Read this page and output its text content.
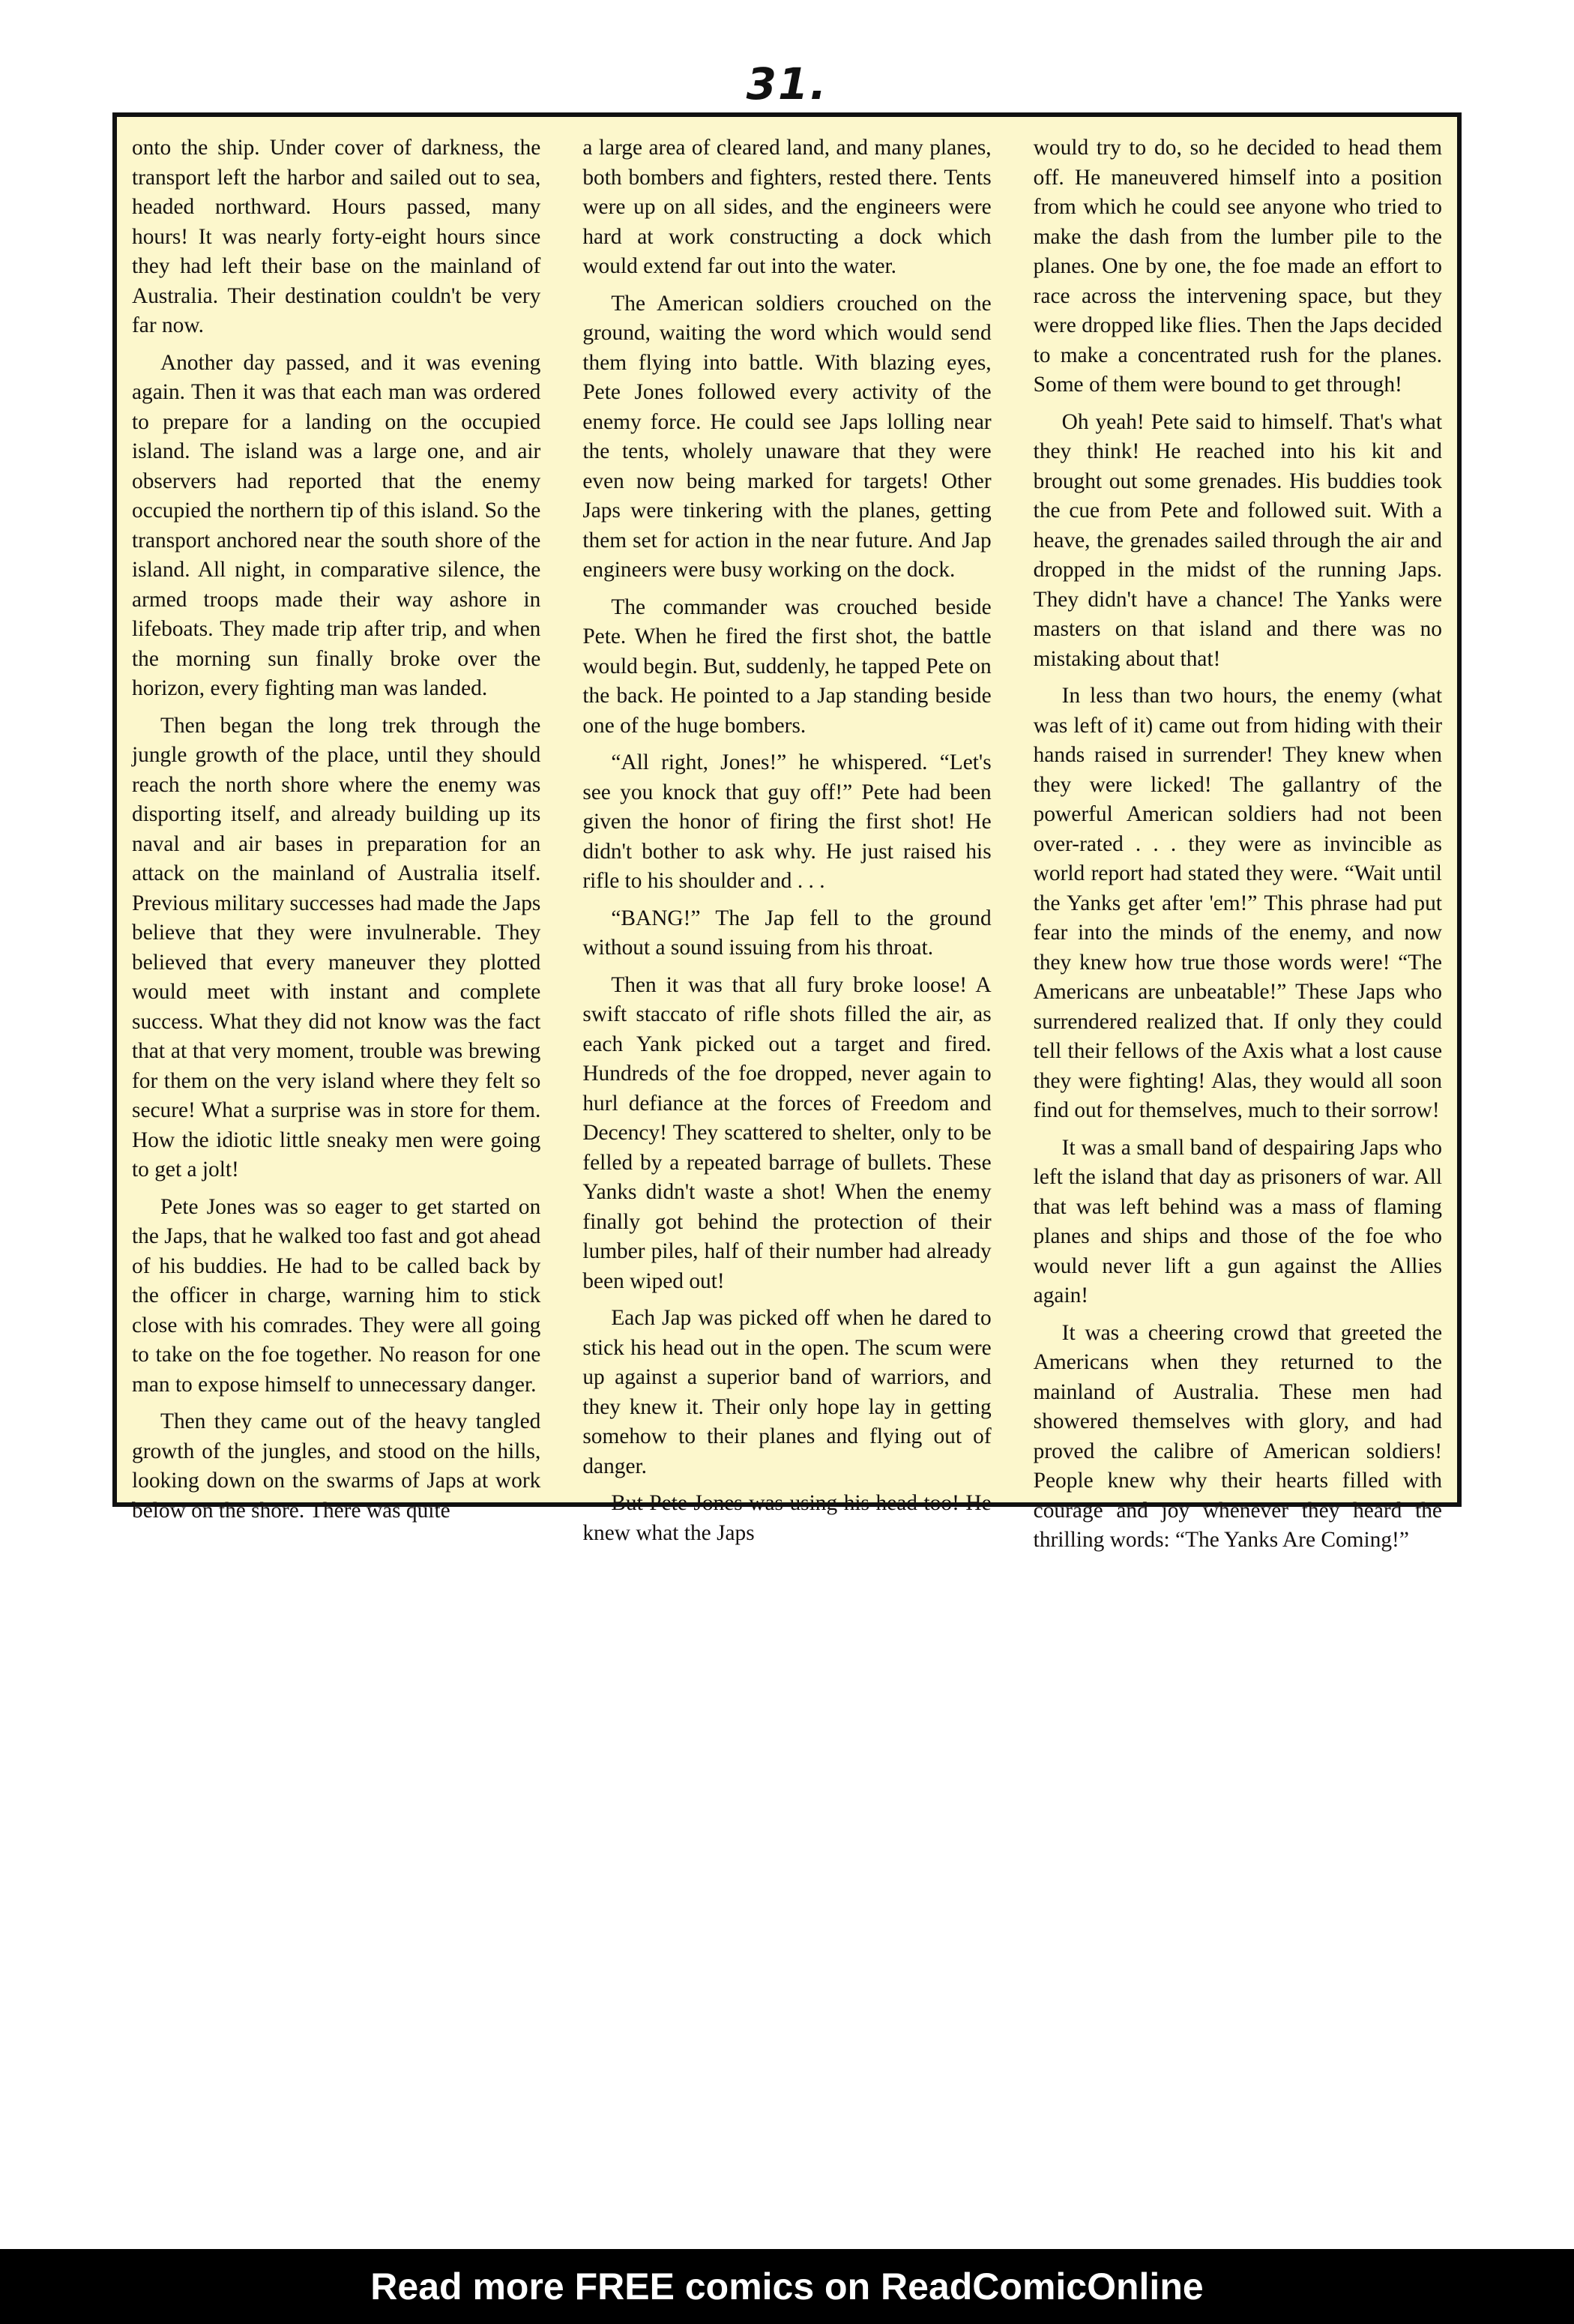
31.

onto the ship. Under cover of darkness, the transport left the harbor and sailed out to sea, headed northward. Hours passed, many hours! It was nearly forty-eight hours since they had left their base on the mainland of Australia. Their destination couldn't be very far now.

Another day passed, and it was evening again. Then it was that each man was ordered to prepare for a landing on the occupied island. The island was a large one, and air observers had reported that the enemy occupied the northern tip of this island. So the transport anchored near the south shore of the island. All night, in comparative silence, the armed troops made their way ashore in lifeboats. They made trip after trip, and when the morning sun finally broke over the horizon, every fighting man was landed.

Then began the long trek through the jungle growth of the place, until they should reach the north shore where the enemy was disporting itself, and already building up its naval and air bases in preparation for an attack on the mainland of Australia itself. Previous military successes had made the Japs believe that they were invulnerable. They believed that every maneuver they plotted would meet with instant and complete success. What they did not know was the fact that at that very moment, trouble was brewing for them on the very island where they felt so secure! What a surprise was in store for them. How the idiotic little sneaky men were going to get a jolt!

Pete Jones was so eager to get started on the Japs, that he walked too fast and got ahead of his buddies. He had to be called back by the officer in charge, warning him to stick close with his comrades. They were all going to take on the foe together. No reason for one man to expose himself to unnecessary danger.

Then they came out of the heavy tangled growth of the jungles, and stood on the hills, looking down on the swarms of Japs at work below on the shore. There was quite

a large area of cleared land, and many planes, both bombers and fighters, rested there. Tents were up on all sides, and the engineers were hard at work constructing a dock which would extend far out into the water.

The American soldiers crouched on the ground, waiting the word which would send them flying into battle. With blazing eyes, Pete Jones followed every activity of the enemy force. He could see Japs lolling near the tents, wholely unaware that they were even now being marked for targets! Other Japs were tinkering with the planes, getting them set for action in the near future. And Jap engineers were busy working on the dock.

The commander was crouched beside Pete. When he fired the first shot, the battle would begin. But, suddenly, he tapped Pete on the back. He pointed to a Jap standing beside one of the huge bombers.

“All right, Jones!” he whispered. “Let's see you knock that guy off!” Pete had been given the honor of firing the first shot! He didn't bother to ask why. He just raised his rifle to his shoulder and . . .

“BANG!” The Jap fell to the ground without a sound issuing from his throat.

Then it was that all fury broke loose! A swift staccato of rifle shots filled the air, as each Yank picked out a target and fired. Hundreds of the foe dropped, never again to hurl defiance at the forces of Freedom and Decency! They scattered to shelter, only to be felled by a repeated barrage of bullets. These Yanks didn't waste a shot! When the enemy finally got behind the protection of their lumber piles, half of their number had already been wiped out!

Each Jap was picked off when he dared to stick his head out in the open. The scum were up against a superior band of warriors, and they knew it. Their only hope lay in getting somehow to their planes and flying out of danger.

But Pete Jones was using his head too! He knew what the Japs

would try to do, so he decided to head them off. He maneuvered himself into a position from which he could see anyone who tried to make the dash from the lumber pile to the planes. One by one, the foe made an effort to race across the intervening space, but they were dropped like flies. Then the Japs decided to make a concentrated rush for the planes. Some of them were bound to get through!

Oh yeah! Pete said to himself. That's what they think! He reached into his kit and brought out some grenades. His buddies took the cue from Pete and followed suit. With a heave, the grenades sailed through the air and dropped in the midst of the running Japs. They didn't have a chance! The Yanks were masters on that island and there was no mistaking about that!

In less than two hours, the enemy (what was left of it) came out from hiding with their hands raised in surrender! They knew when they were licked! The gallantry of the powerful American soldiers had not been over-rated . . . they were as invincible as world report had stated they were. “Wait until the Yanks get after 'em!” This phrase had put fear into the minds of the enemy, and now they knew how true those words were! “The Americans are unbeatable!” These Japs who surrendered realized that. If only they could tell their fellows of the Axis what a lost cause they were fighting! Alas, they would all soon find out for themselves, much to their sorrow!

It was a small band of despairing Japs who left the island that day as prisoners of war. All that was left behind was a mass of flaming planes and ships and those of the foe who would never lift a gun against the Allies again!

It was a cheering crowd that greeted the Americans when they returned to the mainland of Australia. These men had showered themselves with glory, and had proved the calibre of American soldiers! People knew why their hearts filled with courage and joy whenever they heard the thrilling words: “The Yanks Are Coming!”

Read more FREE comics on ReadComicOnline
